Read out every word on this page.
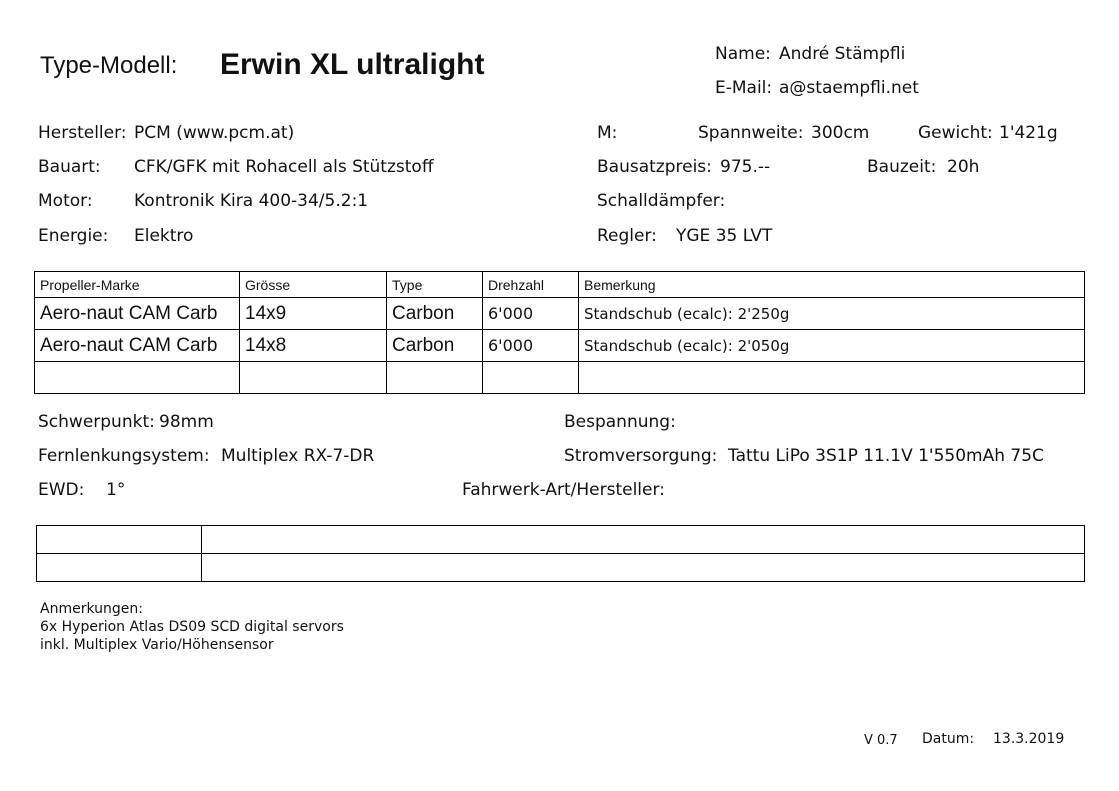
Type-Modell: Erwin XL ultralight	Name: André Stämpfli
E-Mail: a@staempfli.net
Hersteller: PCM (www.pcm.at)
Bauart: CFK/GFK mit Rohacell als Stützstoff
Motor: Kontronik Kira 400-34/5.2:1
Energie: Elektro
M:	Spannweite: 300cm	Gewicht: 1'421g
Bausatzpreis: 975.--	Bauzeit: 20h
Schalldämpfer:
Regler: YGE 35 LVT
Propeller-Marke	Grösse	Type	Drehzahl	Bemerkung
Aero-naut CAM Carb	14x9	Carbon	6'000	Standschub (ecalc): 2'250g
Aero-naut CAM Carb	14x8	Carbon	6'000	Standschub (ecalc): 2'050g

Schwerpunkt: 98mm	Bespannung:
Fernlenkungsystem: Multiplex RX-7-DR	Stromversorgung: Tattu LiPo 3S1P 11.1V 1'550mAh 75C
EWD: 1°	Fahrwerk-Art/Hersteller:

Anmerkungen:
6x Hyperion Atlas DS09 SCD digital servors
inkl. Multiplex Vario/Höhensensor
V 0.7 Datum: 13.3.2019
